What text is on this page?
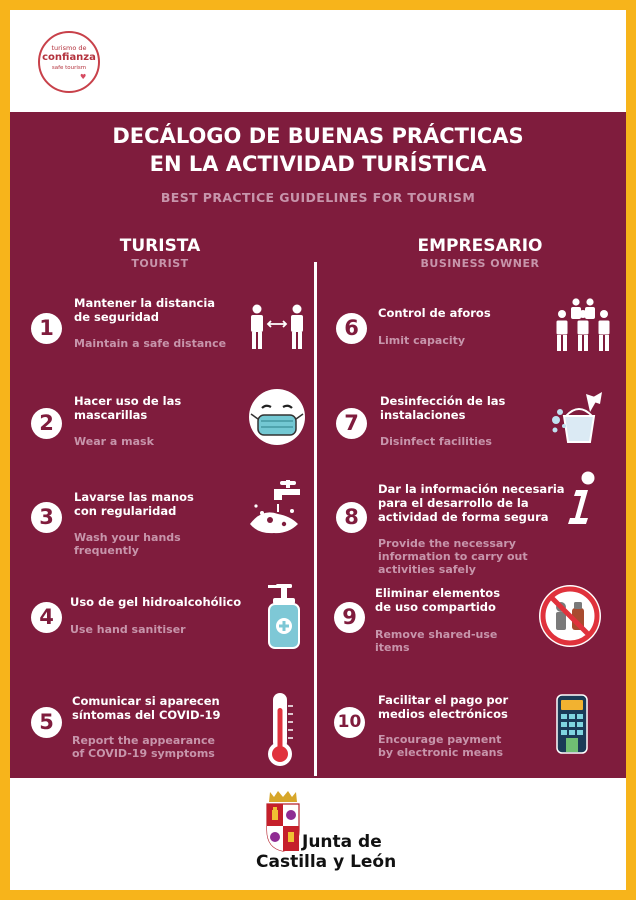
turismo de
confianza
safe tourism
♥
DECÁLOGO DE BUENAS PRÁCTICAS
EN LA ACTIVIDAD TURÍSTICA
BEST PRACTICE GUIDELINES FOR TOURISM
TURISTA
TOURIST
EMPRESARIO
BUSINESS OWNER
1
Mantener la distancia
de seguridad
Maintain a safe distance
2
Hacer uso de las
mascarillas
Wear a mask
3
Lavarse las manos
con regularidad
Wash your hands
frequently
4
Uso de gel hidroalcohólico
Use hand sanitiser
5
Comunicar si aparecen
síntomas del COVID-19
Report the appearance
of COVID-19 symptoms
6
Control de aforos
Limit capacity
7
Desinfección de las
instalaciones
Disinfect facilities
8
Dar la información necesaria
para el desarrollo de la
actividad de forma segura
Provide the necessary
information to carry out
activities safely
9
Eliminar elementos
de uso compartido
Remove shared-use
items
10
Facilitar el pago por
medios electrónicos
Encourage payment
by electronic means
Junta de
Castilla y León
